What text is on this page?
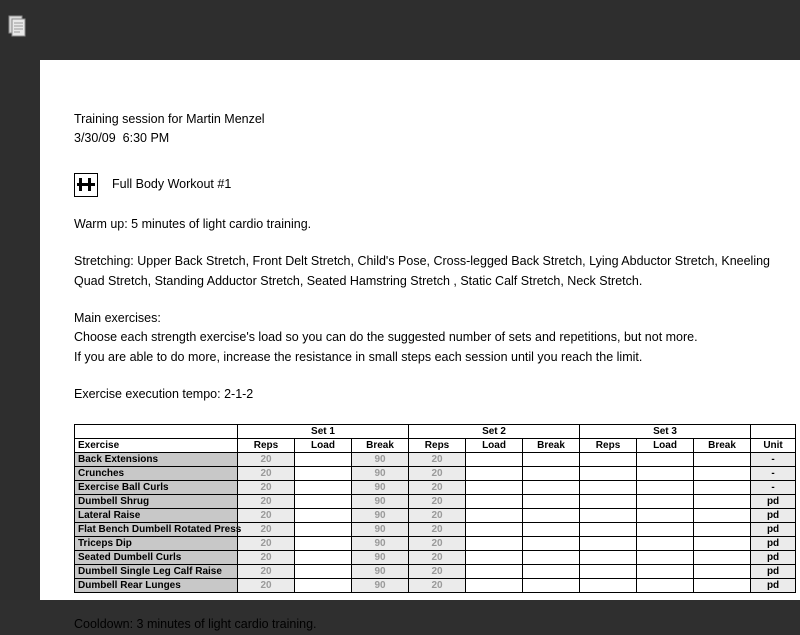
Training session for Martin Menzel
3/30/09  6:30 PM
Full Body Workout #1
Warm up: 5 minutes of light cardio training.
Stretching: Upper Back Stretch, Front Delt Stretch, Child's Pose, Cross-legged Back Stretch, Lying Abductor Stretch, Kneeling Quad Stretch, Standing Adductor Stretch, Seated Hamstring Stretch , Static Calf Stretch, Neck Stretch.
Main exercises:
Choose each strength exercise's load so you can do the suggested number of sets and repetitions, but not more.
If you are able to do more, increase the resistance in small steps each session until you reach the limit.
Exercise execution tempo: 2-1-2
	Set 1			Set 2			Set 3			
Exercise	Reps	Load	Break	Reps	Load	Break	Reps	Load	Break	Unit
Back Extensions	20		90	20						-
Crunches	20		90	20						-
Exercise Ball Curls	20		90	20						-
Dumbell Shrug	20		90	20						pd
Lateral Raise	20		90	20						pd
Flat Bench Dumbell Rotated Press	20		90	20						pd
Triceps Dip	20		90	20						pd
Seated Dumbell Curls	20		90	20						pd
Dumbell Single Leg Calf Raise	20		90	20						pd
Dumbell Rear Lunges	20		90	20						pd
Cooldown: 3 minutes of light cardio training.
